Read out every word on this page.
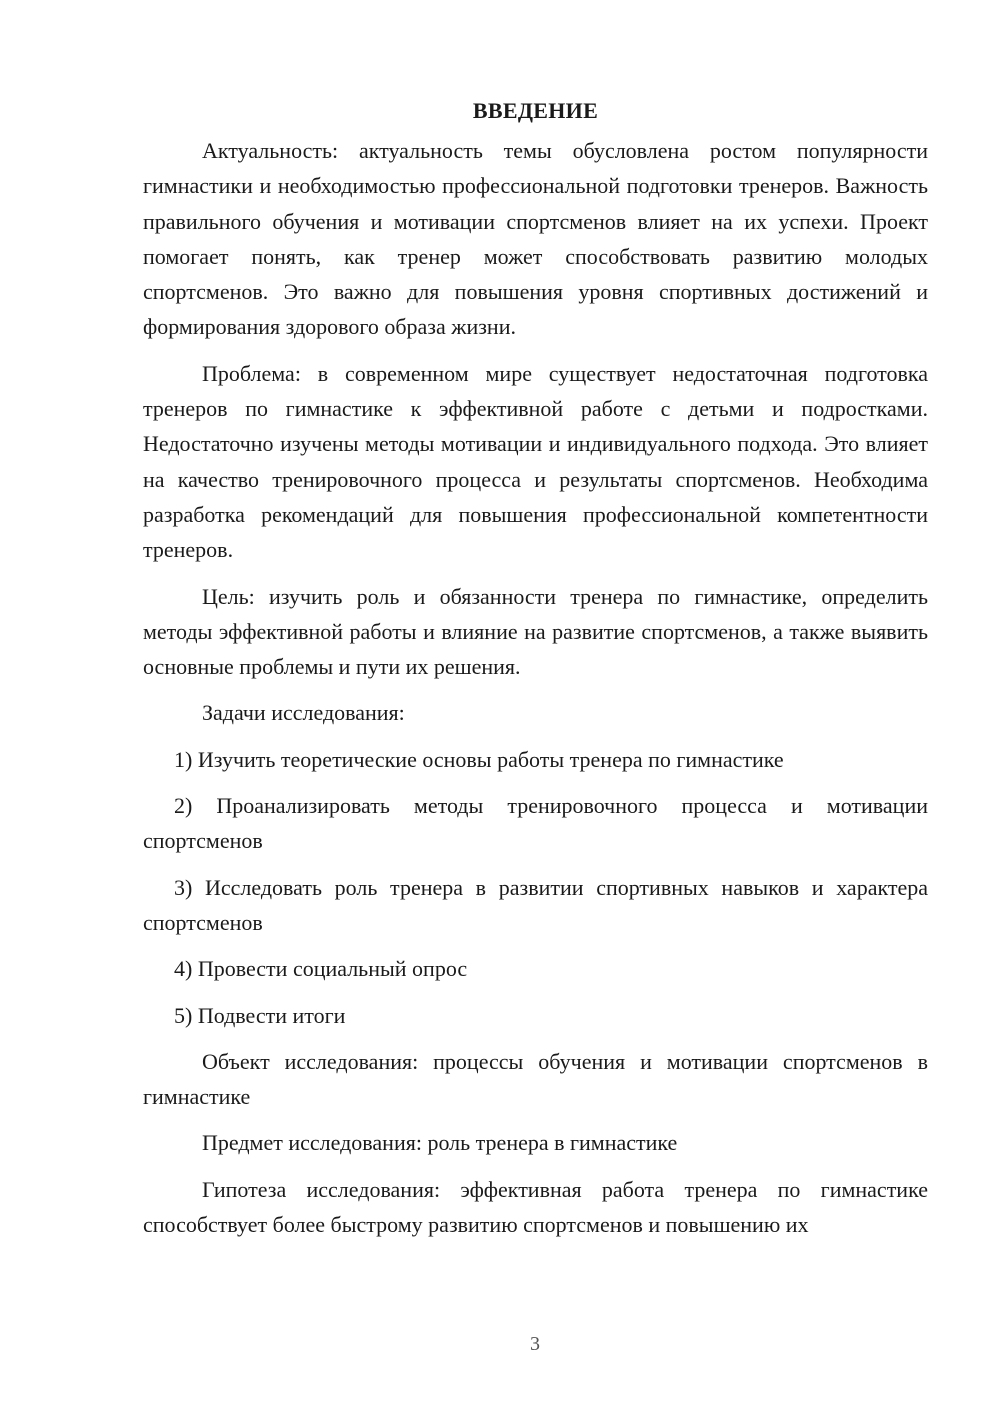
ВВЕДЕНИЕ

Актуальность: актуальность темы обусловлена ростом популярности гимнастики и необходимостью профессиональной подготовки тренеров. Важность правильного обучения и мотивации спортсменов влияет на их успехи. Проект помогает понять, как тренер может способствовать развитию молодых спортсменов. Это важно для повышения уровня спортивных достижений и формирования здорового образа жизни.

Проблема: в современном мире существует недостаточная подготовка тренеров по гимнастике к эффективной работе с детьми и подростками. Недостаточно изучены методы мотивации и индивидуального подхода. Это влияет на качество тренировочного процесса и результаты спортсменов. Необходима разработка рекомендаций для повышения профессиональной компетентности тренеров.

Цель: изучить роль и обязанности тренера по гимнастике, определить методы эффективной работы и влияние на развитие спортсменов, а также выявить основные проблемы и пути их решения.

Задачи исследования:

1) Изучить теоретические основы работы тренера по гимнастике

2) Проанализировать методы тренировочного процесса и мотивации спортсменов

3) Исследовать роль тренера в развитии спортивных навыков и характера спортсменов

4) Провести социальный опрос

5) Подвести итоги

Объект исследования: процессы обучения и мотивации спортсменов в гимнастике

Предмет исследования: роль тренера в гимнастике

Гипотеза исследования: эффективная работа тренера по гимнастике способствует более быстрому развитию спортсменов и повышению их

3
